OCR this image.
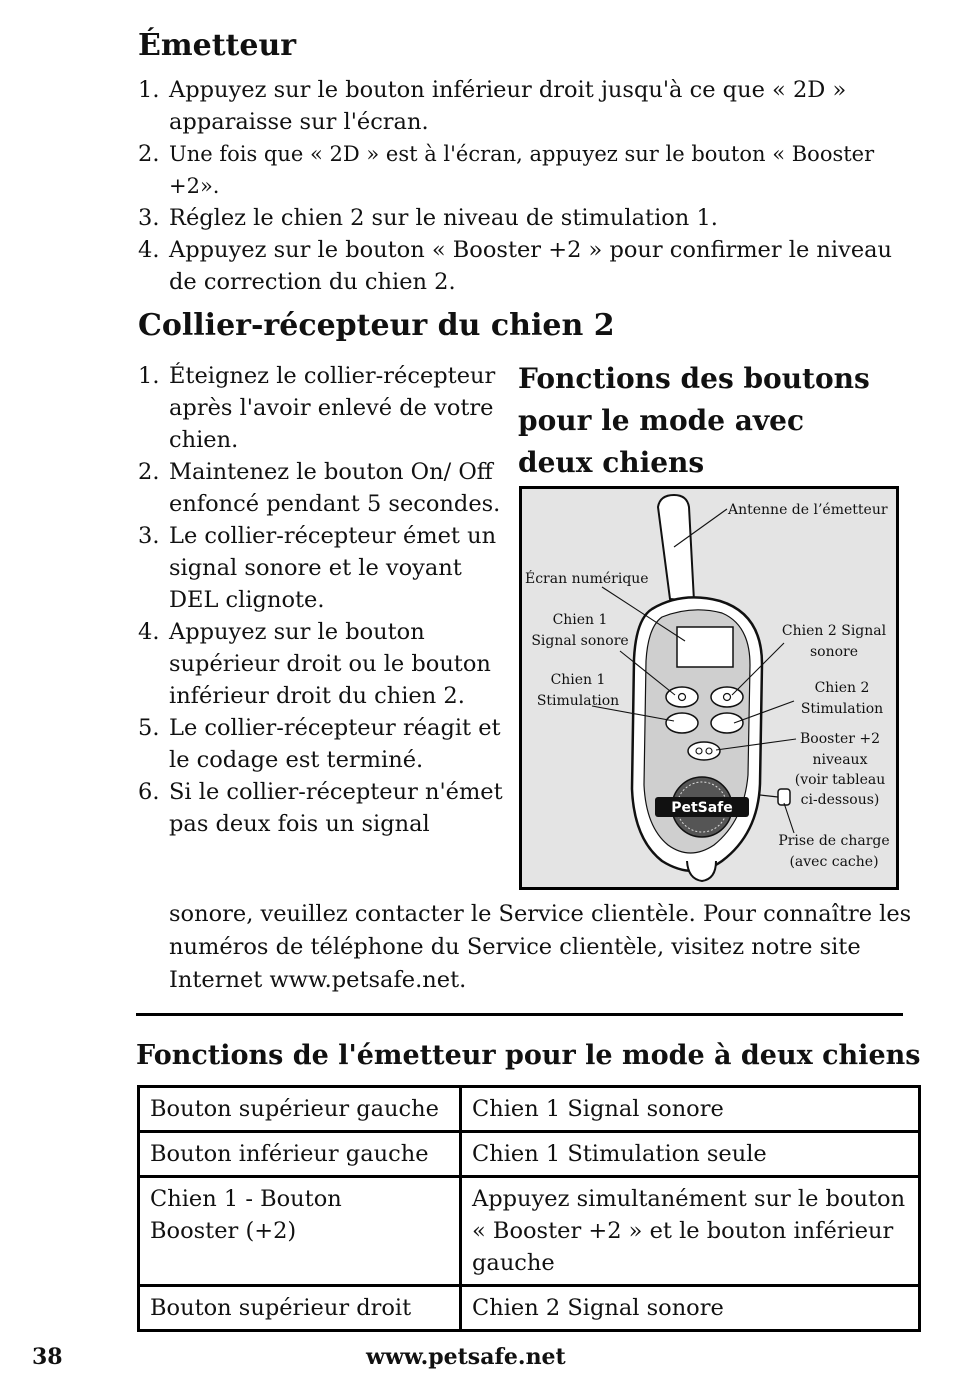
Émetteur
1. Appuyez sur le bouton inférieur droit jusqu'à ce que « 2D » apparaisse sur l'écran.
2. Une fois que « 2D » est à l'écran, appuyez sur le bouton « Booster +2».
3. Réglez le chien 2 sur le niveau de stimulation 1.
4. Appuyez sur le bouton « Booster +2 » pour confirmer le niveau de correction du chien 2.
Collier-récepteur du chien 2
1. Éteignez le collier-récepteur après l'avoir enlevé de votre chien.
2. Maintenez le bouton On/ Off enfoncé pendant 5 secondes.
3. Le collier-récepteur émet un signal sonore et le voyant DEL clignote.
4. Appuyez sur le bouton supérieur droit ou le bouton inférieur droit du chien 2.
5. Le collier-récepteur réagit et le codage est terminé.
6. Si le collier-récepteur n'émet pas deux fois un signal
sonore, veuillez contacter le Service clientèle. Pour connaître les numéros de téléphone du Service clientèle, visitez notre site Internet www.petsafe.net.
Fonctions des boutons
pour le mode avec
deux chiens
PetSafe
Antenne de l’émetteur
Écran numérique
Chien 1
Signal sonore
Chien 1
Stimulation
Chien 2 Signal
sonore
Chien 2
Stimulation
Booster +2
niveaux
(voir tableau
ci-dessous)
Prise de charge
(avec cache)
Fonctions de l'émetteur pour le mode à deux chiens
Bouton supérieur gauche	Chien 1 Signal sonore
Bouton inférieur gauche	Chien 1 Stimulation seule
Chien 1 - Bouton Booster (+2)	Appuyez simultanément sur le bouton « Booster +2 » et le bouton inférieur gauche
Bouton supérieur droit	Chien 2 Signal sonore
38	www.petsafe.net
